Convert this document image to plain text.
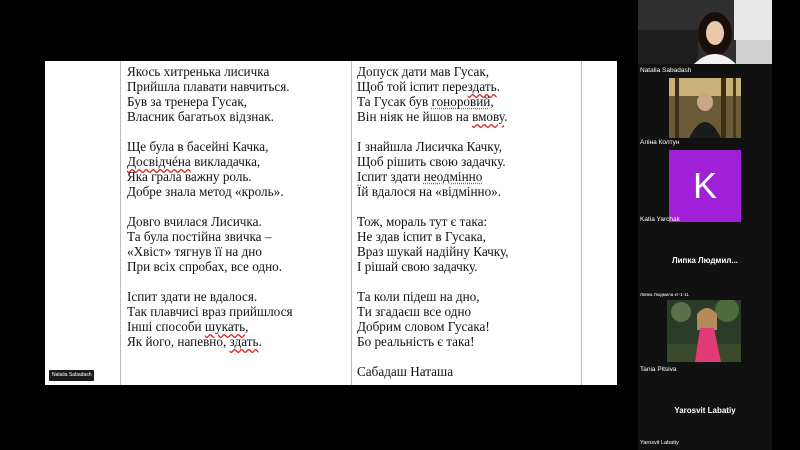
Якось хитренька лисичка
Прийшла плавати навчиться.
Був за тренера Гусак,
Власник багатьох відзнак.
Ще була в басейні Качка,
Досвідчéна викладачка,
Яка грала важну роль.
Добре знала метод «кроль».
Довго вчилася Лисичка.
Та була постійна звичка –
«Хвіст» тягнув її на дно
При всіх спробах, все одно.
Іспит здати не вдалося.
Так плавчисі враз прийшлося
Інші способи шукать,
Як його, напевно, здать.
Допуск дати мав Гусак,
Щоб той іспит перездать.
Та Гусак був гоноровий,
Він ніяк не йшов на вмову.
І знайшла Лисичка Качку,
Щоб рішить свою задачку.
Іспит здати неодмінно
Їй вдалося на «відмінно».
Тож, мораль тут є така:
Не здав іспит в Гусака,
Враз шукай надійну Качку,
І рішай свою задачку.
Та коли підеш на дно,
Ти згадаєш все одно
Добрим словом Гусака!
Бо реальність є така!
Сабадаш Наташа
Natalia Sabadash
Natalia Sabadash
Аліна Колтун
K
Katia Yarchak
Липка Людмил...
Липка Людмила кт-1-11
Tania Pitsiva
Yarosvit Labatiy
Yarosvit Labatiy
